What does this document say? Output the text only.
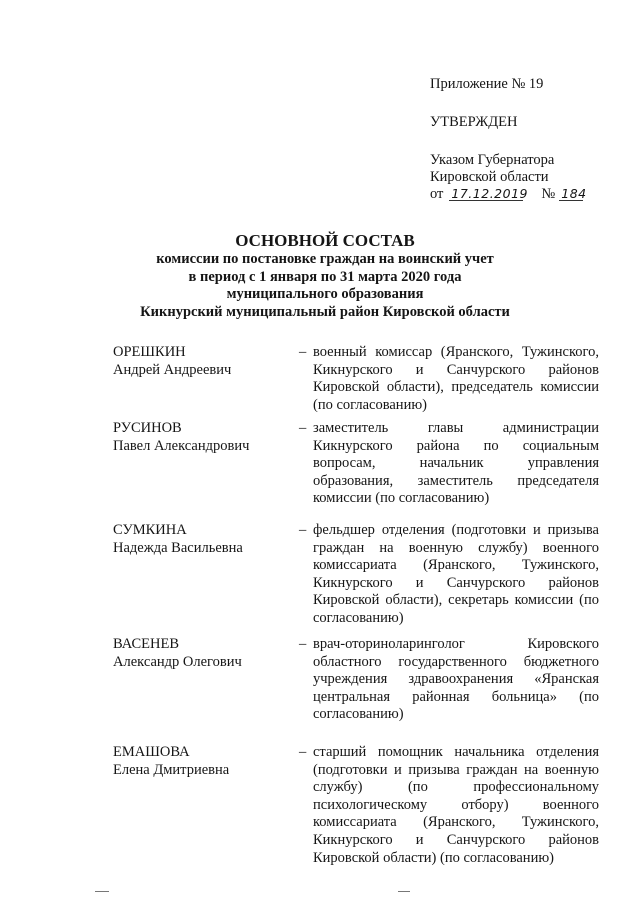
Приложение № 19
УТВЕРЖДЕН
Указом Губернатора
Кировской области
от 17.12.2019 № 184
ОСНОВНОЙ СОСТАВ
комиссии по постановке граждан на воинский учет
в период с 1 января по 31 марта 2020 года
муниципального образования
Кикнурский муниципальный район Кировской области
ОРЕШКИН
Андрей Андреевич
– военный комиссар (Яранского, Тужинского, Кикнурского и Санчурского районов Кировской области), председатель комиссии (по согласованию)
РУСИНОВ
Павел Александрович
– заместитель главы администрации Кикнурского района по социальным вопросам, начальник управления образования, заместитель председателя комиссии (по согласованию)
СУМКИНА
Надежда Васильевна
– фельдшер отделения (подготовки и призыва граждан на военную службу) военного комиссариата (Яранского, Тужинского, Кикнурского и Санчурского районов Кировской области), секретарь комиссии (по согласованию)
ВАСЕНЕВ
Александр Олегович
– врач-оториноларинголог Кировского областного государственного бюджетного учреждения здравоохранения «Яранская центральная районная больница» (по согласованию)
ЕМАШОВА
Елена Дмитриевна
– старший помощник начальника отделения (подготовки и призыва граждан на военную службу) (по профессиональному психологическому отбору) военного комиссариата (Яранского, Тужинского, Кикнурского и Санчурского районов Кировской области) (по согласованию)
